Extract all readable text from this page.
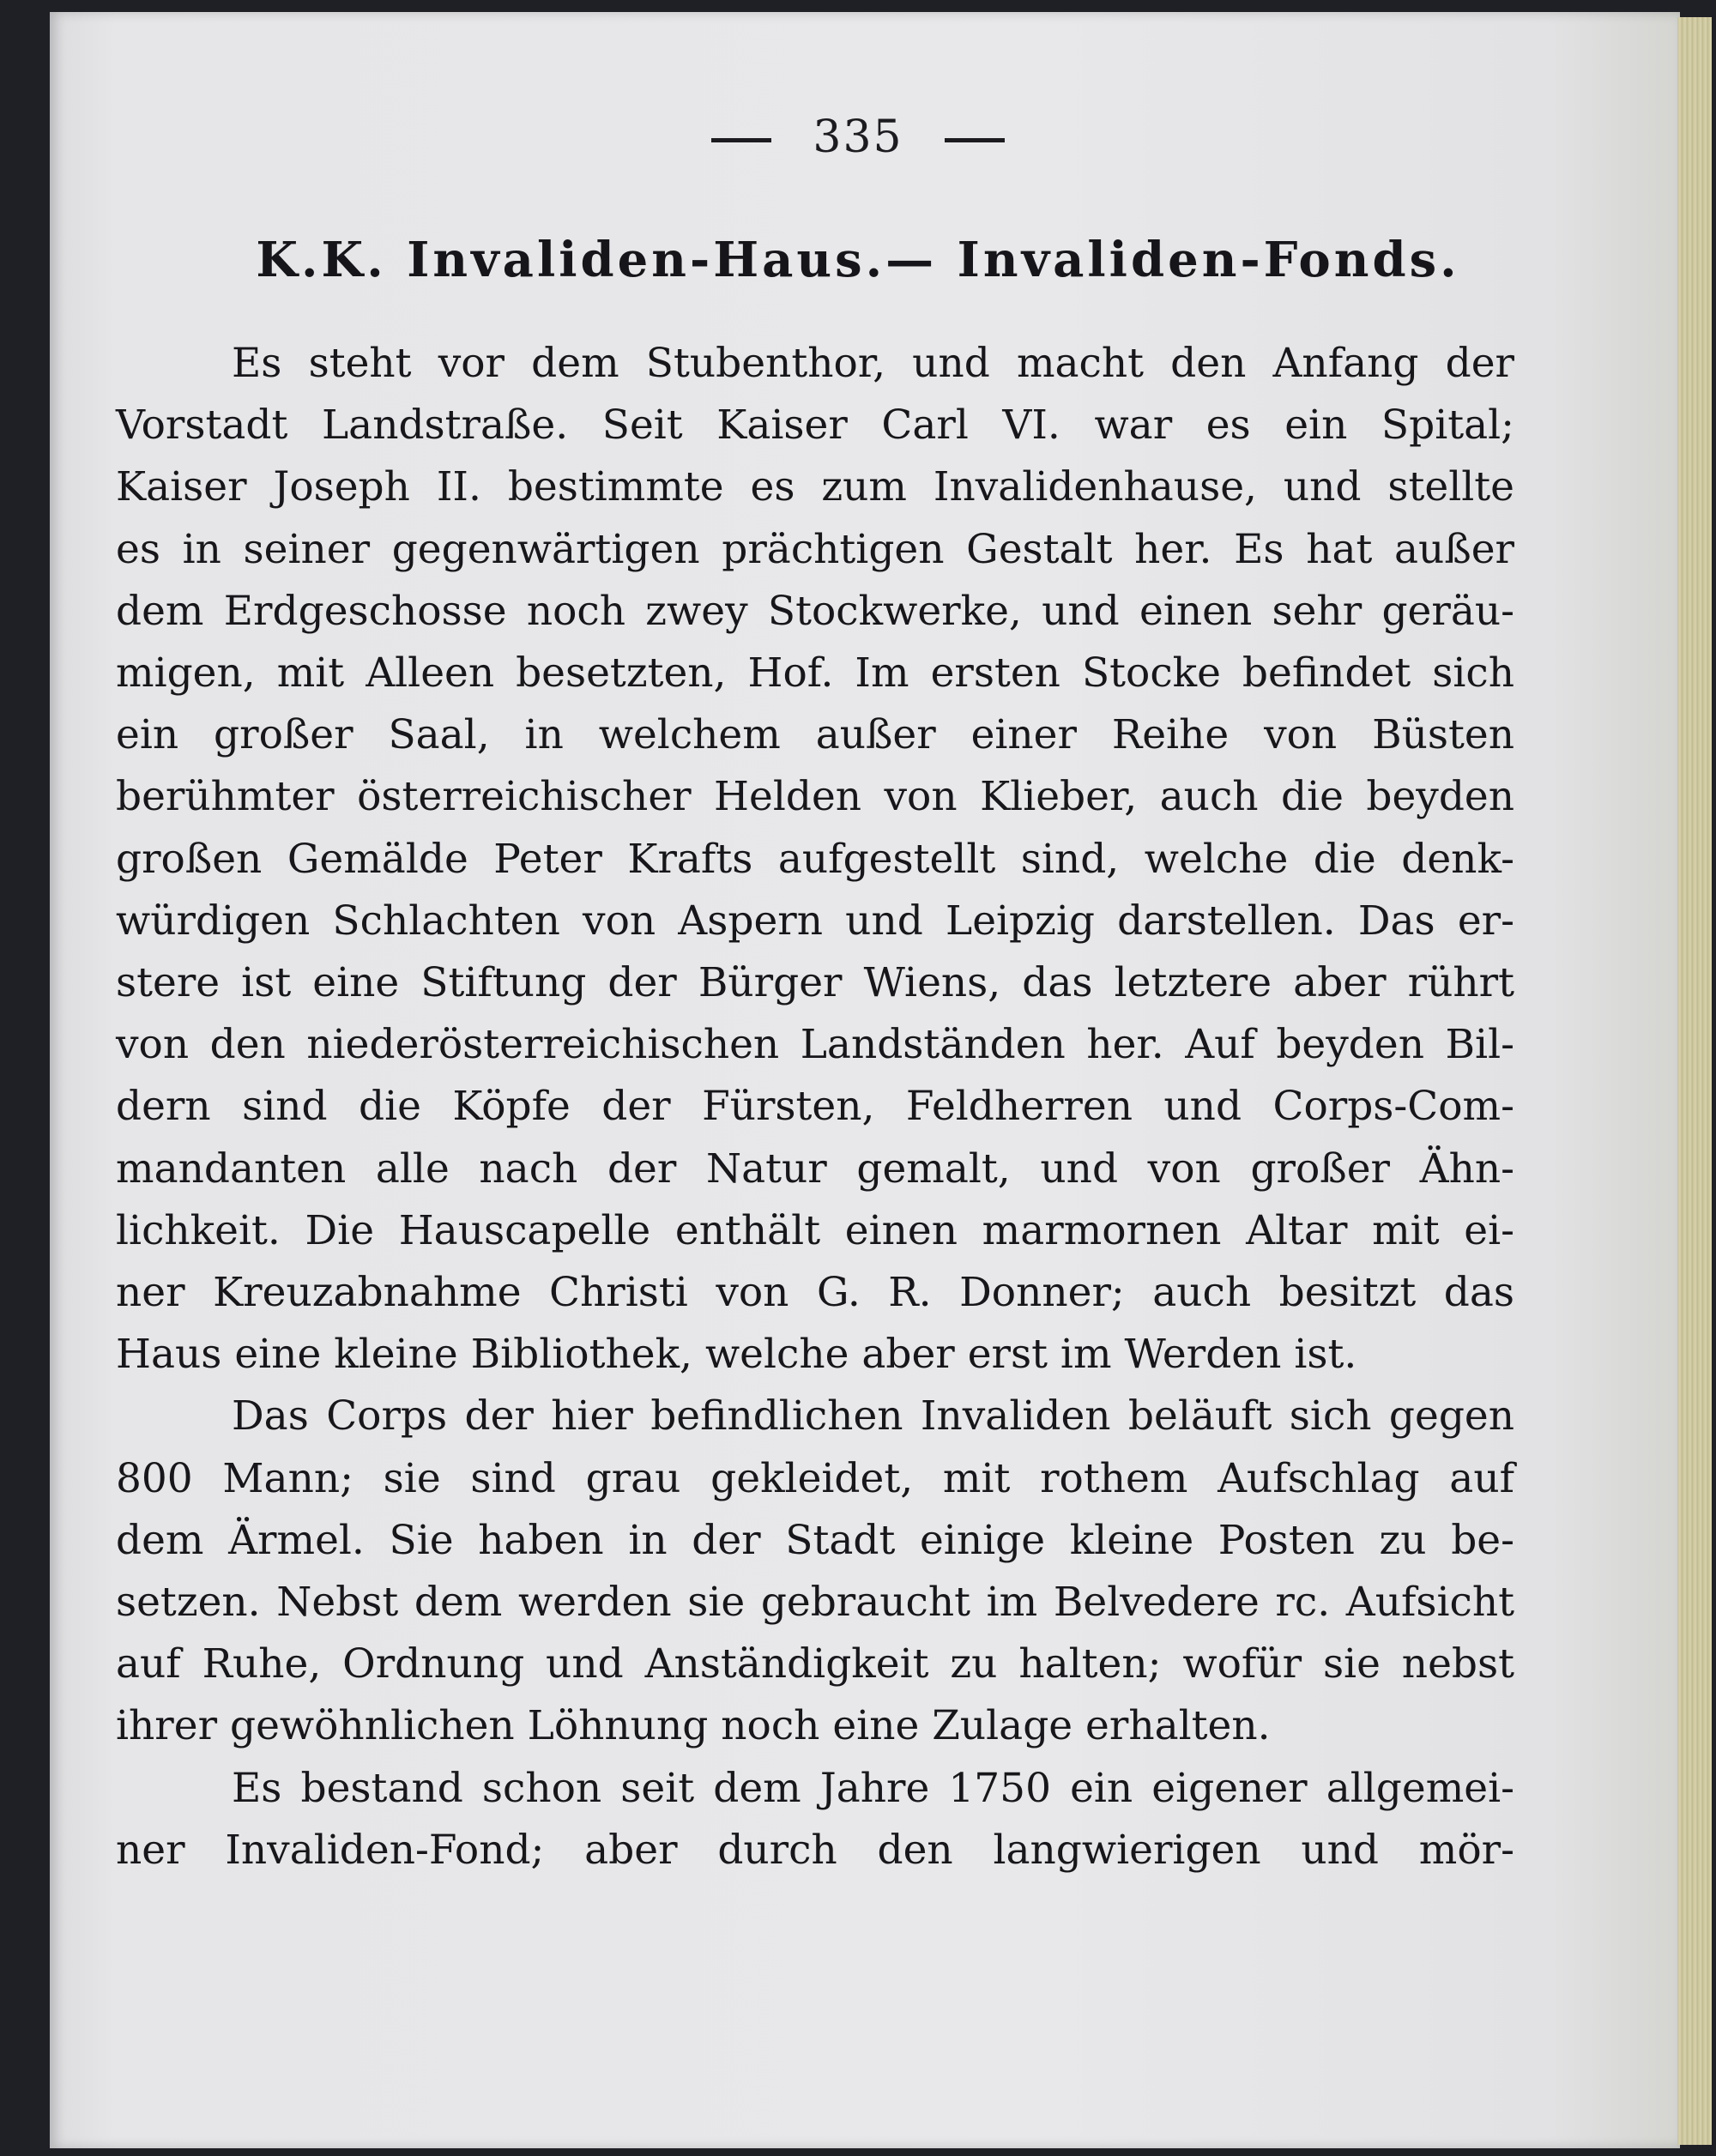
335
K.K. Invaliden-Haus.— Invaliden-Fonds.
Es steht vor dem Stubenthor, und macht den Anfang der
Vorstadt Landstraße. Seit Kaiser Carl VI. war es ein Spital;
Kaiser Joseph II. bestimmte es zum Invalidenhause, und stellte
es in seiner gegenwärtigen prächtigen Gestalt her. Es hat außer
dem Erdgeschosse noch zwey Stockwerke, und einen sehr geräu-
migen, mit Alleen besetzten, Hof. Im ersten Stocke befindet sich
ein großer Saal, in welchem außer einer Reihe von Büsten
berühmter österreichischer Helden von Klieber, auch die beyden
großen Gemälde Peter Krafts aufgestellt sind, welche die denk-
würdigen Schlachten von Aspern und Leipzig darstellen. Das er-
stere ist eine Stiftung der Bürger Wiens, das letztere aber rührt
von den niederösterreichischen Landständen her. Auf beyden Bil-
dern sind die Köpfe der Fürsten, Feldherren und Corps-Com-
mandanten alle nach der Natur gemalt, und von großer Ähn-
lichkeit. Die Hauscapelle enthält einen marmornen Altar mit ei-
ner Kreuzabnahme Christi von G. R. Donner; auch besitzt das
Haus eine kleine Bibliothek, welche aber erst im Werden ist.
Das Corps der hier befindlichen Invaliden beläuft sich gegen
800 Mann; sie sind grau gekleidet, mit rothem Aufschlag auf
dem Ärmel. Sie haben in der Stadt einige kleine Posten zu be-
setzen. Nebst dem werden sie gebraucht im Belvedere rc. Aufsicht
auf Ruhe, Ordnung und Anständigkeit zu halten; wofür sie nebst
ihrer gewöhnlichen Löhnung noch eine Zulage erhalten.
Es bestand schon seit dem Jahre 1750 ein eigener allgemei-
ner Invaliden-Fond; aber durch den langwierigen und mör-
